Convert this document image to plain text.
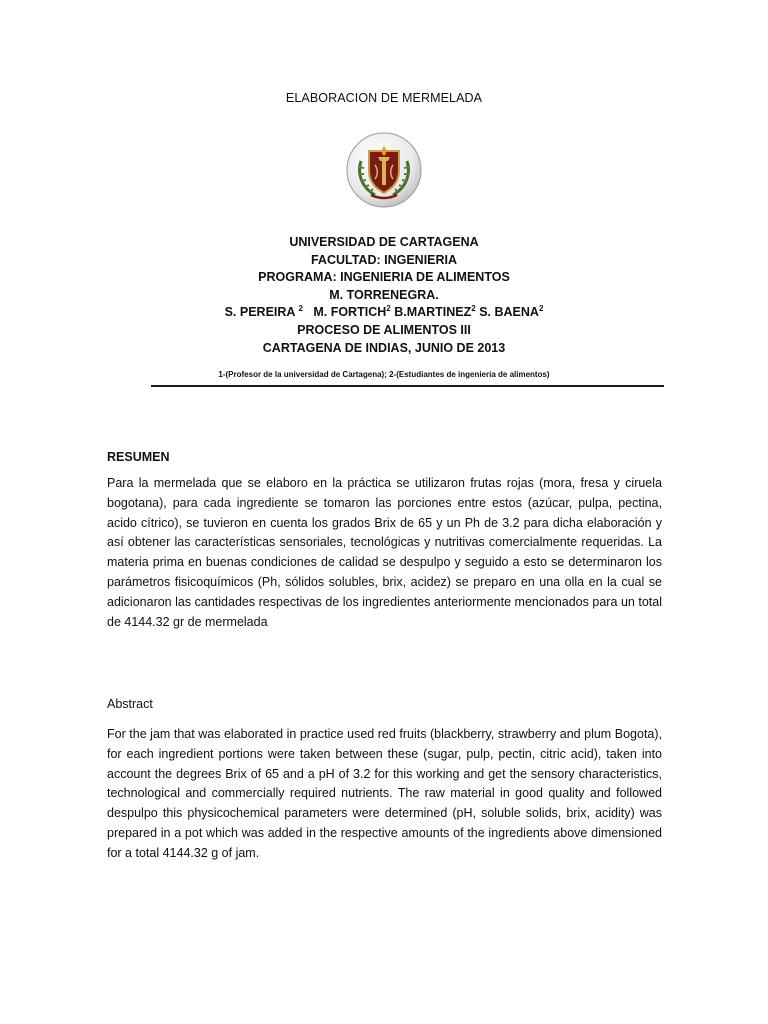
ELABORACION DE MERMELADA
UNIVERSIDAD DE CARTAGENA
FACULTAD: INGENIERIA
PROGRAMA: INGENIERIA DE ALIMENTOS
M. TORRENEGRA.
S. PEREIRA $^2$ M. FORTICH$^2$ B.MARTINEZ$^2$ S. BAENA$^2$
PROCESO DE ALIMENTOS III
CARTAGENA DE INDIAS, JUNIO DE 2013
1-(Profesor de la universidad de Cartagena); 2-(Estudiantes de ingeniería de alimentos)
RESUMEN
Para la mermelada que se elaboro en la práctica se utilizaron frutas rojas (mora, fresa y ciruela bogotana), para cada ingrediente se tomaron las porciones entre estos (azúcar, pulpa, pectina, acido cítrico), se tuvieron en cuenta los grados Brix de 65 y un Ph de 3.2 para dicha elaboración y así obtener las características sensoriales, tecnológicas y nutritivas comercialmente requeridas. La materia prima en buenas condiciones de calidad se despulpo y seguido a esto se determinaron los parámetros fisicoquímicos (Ph, sólidos solubles, brix, acidez) se preparo en una olla en la cual se adicionaron las cantidades respectivas de los ingredientes anteriormente mencionados para un total de 4144.32 gr de mermelada
Abstract
For the jam that was elaborated in practice used red fruits (blackberry, strawberry and plum Bogota), for each ingredient portions were taken between these (sugar, pulp, pectin, citric acid), taken into account the degrees Brix of 65 and a pH of 3.2 for this working and get the sensory characteristics, technological and commercially required nutrients. The raw material in good quality and followed despulpo this physicochemical parameters were determined (pH, soluble solids, brix, acidity) was prepared in a pot which was added in the respective amounts of the ingredients above dimensioned for a total 4144.32 g of jam.
